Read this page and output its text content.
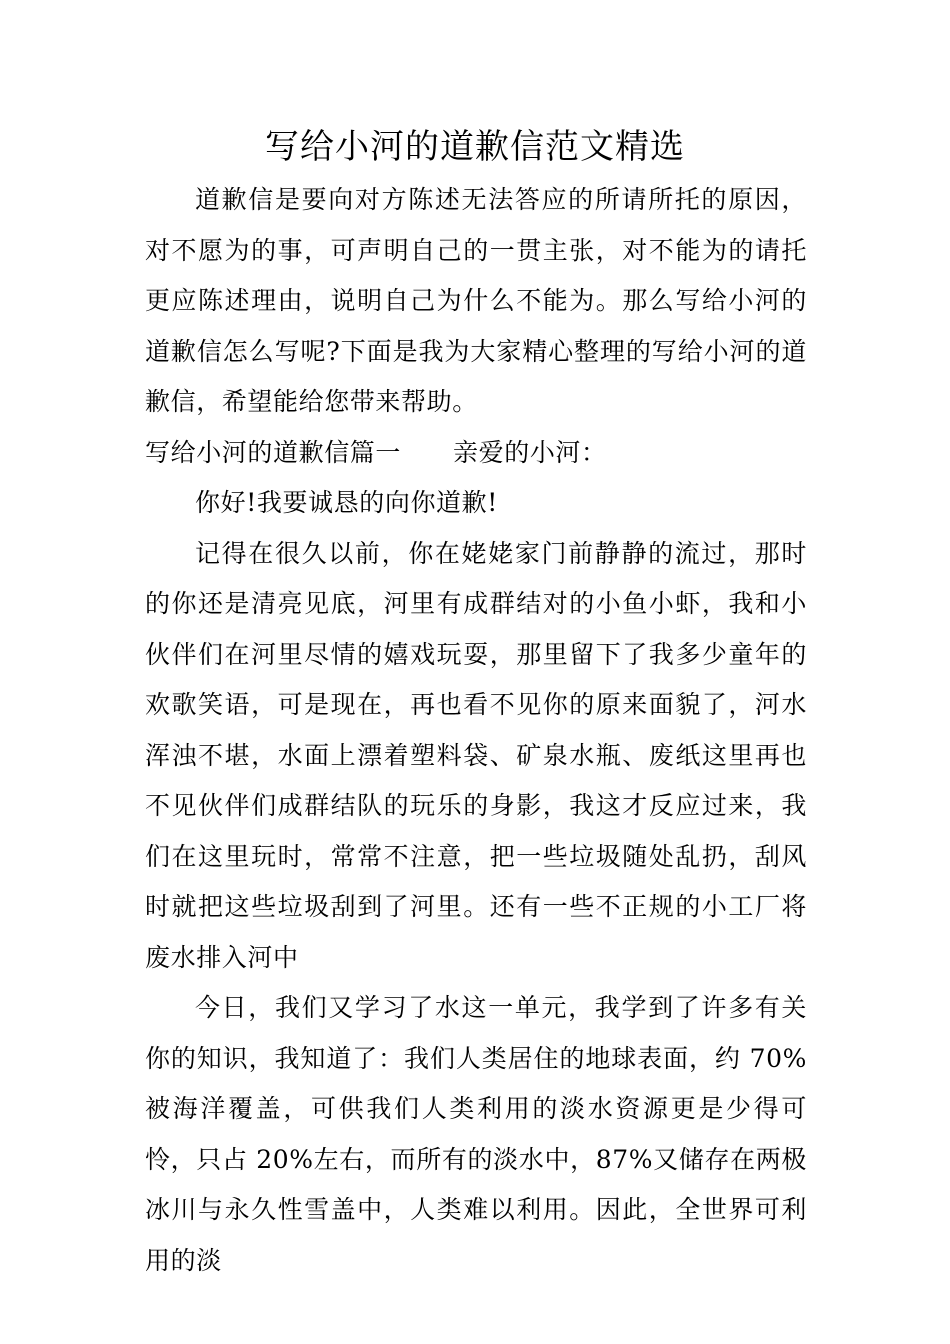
写给小河的道歉信范文精选

道歉信是要向对方陈述无法答应的所请所托的原因，对不愿为的事，可声明自己的一贯主张，对不能为的请托更应陈述理由，说明自己为什么不能为。那么写给小河的道歉信怎么写呢?下面是我为大家精心整理的写给小河的道歉信，希望能给您带来帮助。

写给小河的道歉信篇一 亲爱的小河：

你好!我要诚恳的向你道歉!

记得在很久以前，你在姥姥家门前静静的流过，那时的你还是清亮见底，河里有成群结对的小鱼小虾，我和小伙伴们在河里尽情的嬉戏玩耍，那里留下了我多少童年的欢歌笑语，可是现在，再也看不见你的原来面貌了，河水浑浊不堪，水面上漂着塑料袋、矿泉水瓶、废纸这里再也不见伙伴们成群结队的玩乐的身影，我这才反应过来，我们在这里玩时，常常不注意，把一些垃圾随处乱扔，刮风时就把这些垃圾刮到了河里。还有一些不正规的小工厂将废水排入河中

今日，我们又学习了水这一单元，我学到了许多有关你的知识，我知道了：我们人类居住的地球表面，约 70%被海洋覆盖，可供我们人类利用的淡水资源更是少得可怜，只占 20%左右，而所有的淡水中，87%又储存在两极冰川与永久性雪盖中，人类难以利用。因此，全世界可利用的淡
